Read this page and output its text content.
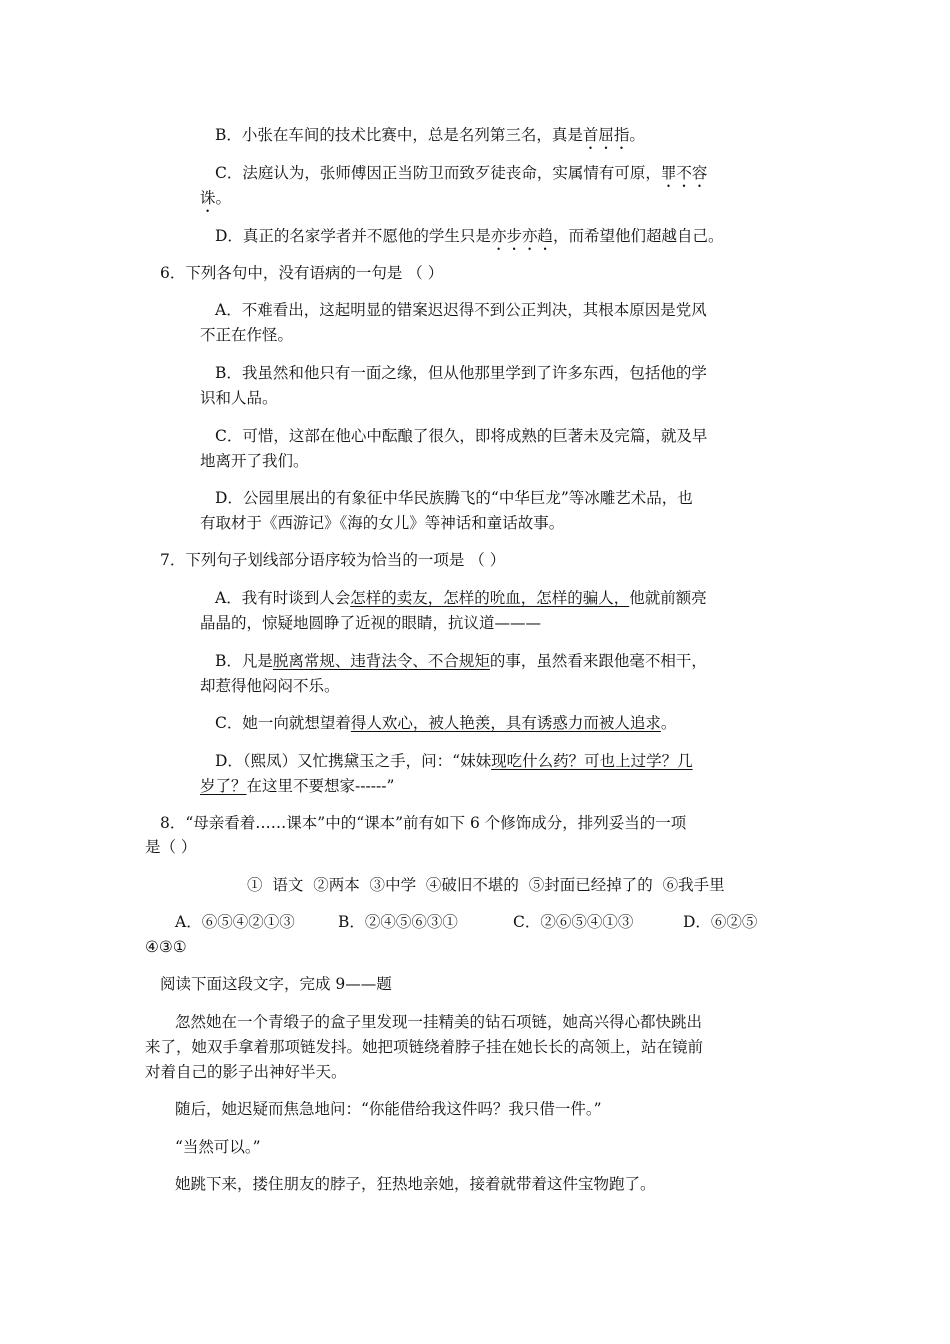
B．小张在车间的技术比赛中，总是名列第三名，真是首屈指。
C．法庭认为，张师傅因正当防卫而致歹徒丧命，实属情有可原，罪不容
诛。
D．真正的名家学者并不愿他的学生只是亦步亦趋，而希望他们超越自己。
6．下列各句中，没有语病的一句是 （ ）
A．不难看出，这起明显的错案迟迟得不到公正判决，其根本原因是党风
不正在作怪。
B．我虽然和他只有一面之缘，但从他那里学到了许多东西，包括他的学
识和人品。
C．可惜，这部在他心中酝酿了很久，即将成熟的巨著未及完篇，就及早
地离开了我们。
D．公园里展出的有象征中华民族腾飞的“中华巨龙”等冰雕艺术品，也
有取材于《西游记》《海的女儿》等神话和童话故事。
7．下列句子划线部分语序较为恰当的一项是 （ ）
A．我有时谈到人会怎样的卖友，怎样的吮血，怎样的骗人，他就前额亮
晶晶的，惊疑地圆睁了近视的眼睛，抗议道———
B．凡是脱离常规、违背法令、不合规矩的事，虽然看来跟他毫不相干，
却惹得他闷闷不乐。
C．她一向就想望着得人欢心，被人艳羡，具有诱惑力而被人追求。
D．（熙凤）又忙携黛玉之手，问：“妹妹现吃什么药？可也上过学？几
岁了？在这里不要想家------”
8．“母亲看着……课本”中的“课本”前有如下 6 个修饰成分，排列妥当的一项
是（ ）
①  语文  ②两本  ③中学  ④破旧不堪的  ⑤封面已经掉了的  ⑥我手里
A．⑥⑤④②①③	B．②④⑤⑥③①	C．②⑥⑤④①③	D．⑥②⑤
④③①
阅读下面这段文字，完成 9——题
忽然她在一个青缎子的盒子里发现一挂精美的钻石项链，她高兴得心都快跳出
来了，她双手拿着那项链发抖。她把项链绕着脖子挂在她长长的高领上，站在镜前
对着自己的影子出神好半天。
随后，她迟疑而焦急地问：“你能借给我这件吗？我只借一件。”
“当然可以。”
她跳下来，搂住朋友的脖子，狂热地亲她，接着就带着这件宝物跑了。
